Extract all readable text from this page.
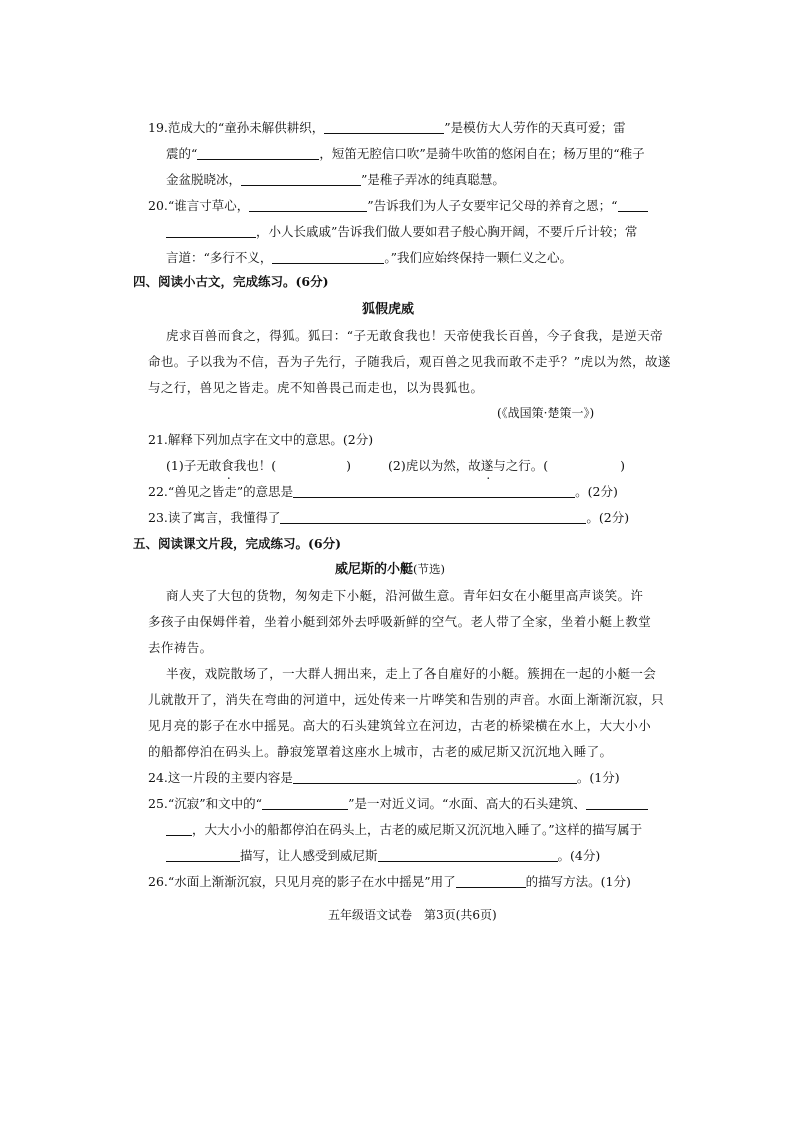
19.范成大的“童孙未解供耕织，	”是模仿大人劳作的天真可爱；雷
震的“	，短笛无腔信口吹”是骑牛吹笛的悠闲自在；杨万里的“稚子
金盆脱晓冰，	”是稚子弄冰的纯真聪慧。
20.“谁言寸草心，	”告诉我们为人子女要牢记父母的养育之恩；“
，小人长戚戚”告诉我们做人要如君子般心胸开阔，不要斤斤计较；常
言道：“多行不义，	。”我们应始终保持一颗仁义之心。
四、阅读小古文，完成练习。(6分)
狐假虎威
虎求百兽而食之，得狐。狐曰：“子无敢食我也！天帝使我长百兽，今子食我，是逆天帝
命也。子以我为不信，吾为子先行，子随我后，观百兽之见我而敢不走乎？”虎以为然，故遂
与之行，兽见之皆走。虎不知兽畏己而走也，以为畏狐也。
(《战国策·楚策一》)
21.解释下列加点字在文中的意思。(2分)
(1)子无敢食我也！(	)	(2)虎以为然，故遂与之行。(	)
22.“兽见之皆走”的意思是	。(2分)
23.读了寓言，我懂得了	。(2分)
五、阅读课文片段，完成练习。(6分)
威尼斯的小艇(节选)
商人夹了大包的货物，匆匆走下小艇，沿河做生意。青年妇女在小艇里高声谈笑。许
多孩子由保姆伴着，坐着小艇到郊外去呼吸新鲜的空气。老人带了全家，坐着小艇上教堂
去作祷告。
半夜，戏院散场了，一大群人拥出来，走上了各自雇好的小艇。簇拥在一起的小艇一会
儿就散开了，消失在弯曲的河道中，远处传来一片哗笑和告别的声音。水面上渐渐沉寂，只
见月亮的影子在水中摇晃。高大的石头建筑耸立在河边，古老的桥梁横在水上，大大小小
的船都停泊在码头上。静寂笼罩着这座水上城市，古老的威尼斯又沉沉地入睡了。
24.这一片段的主要内容是	。(1分)
25.“沉寂”和文中的“	”是一对近义词。“水面、高大的石头建筑、
，大大小小的船都停泊在码头上，古老的威尼斯又沉沉地入睡了。”这样的描写属于
描写，让人感受到威尼斯	。(4分)
26.“水面上渐渐沉寂，只见月亮的影子在水中摇晃”用了	的描写方法。(1分)
五年级语文试卷　第3页(共6页)
